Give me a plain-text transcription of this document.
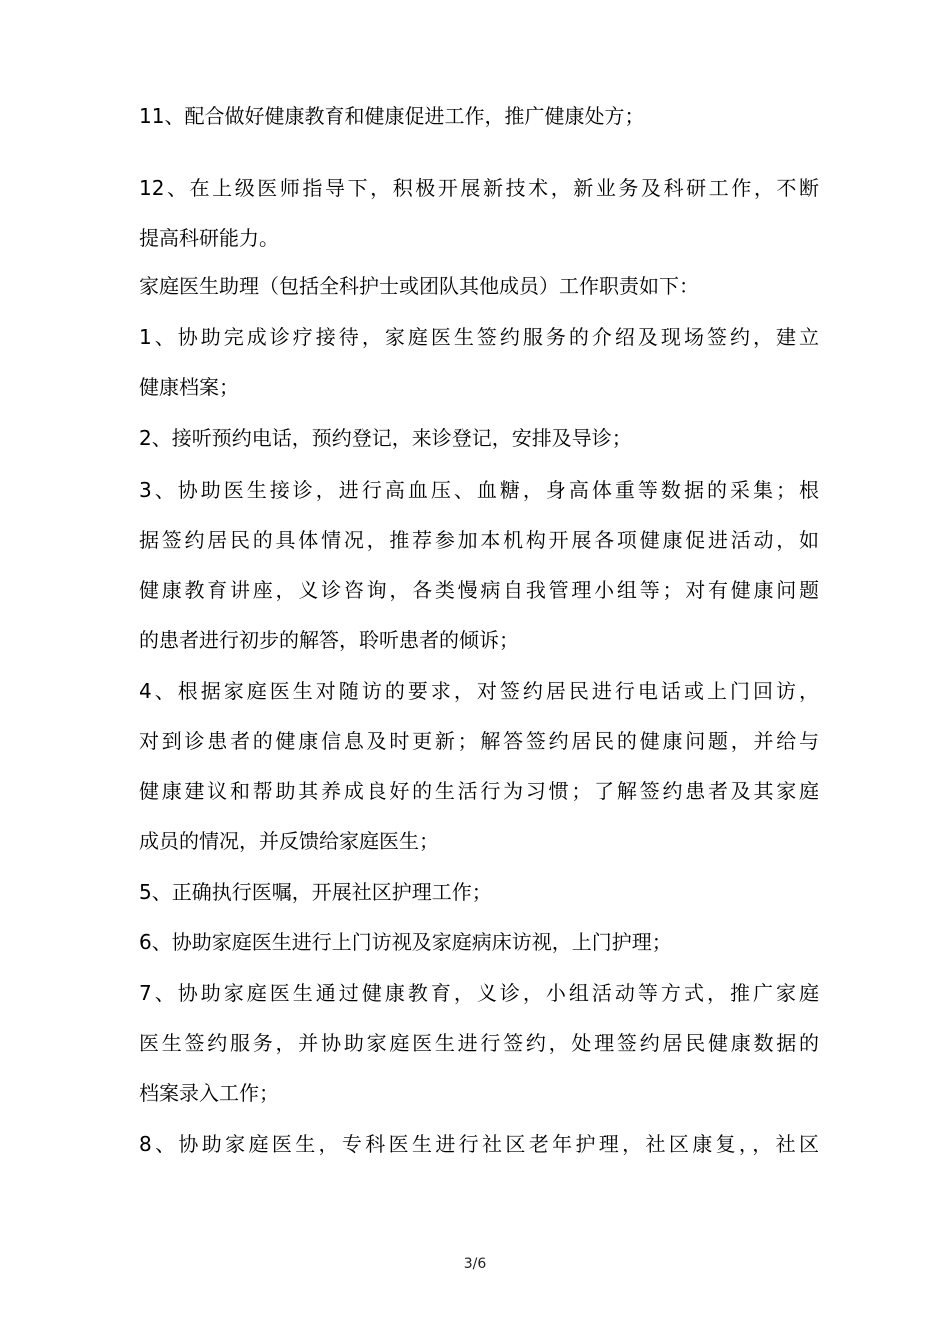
11、配合做好健康教育和健康促进工作，推广健康处方；

12、在上级医师指导下，积极开展新技术，新业务及科研工作，不断

提高科研能力。

家庭医生助理（包括全科护士或团队其他成员）工作职责如下：

1、协助完成诊疗接待，家庭医生签约服务的介绍及现场签约，建立

健康档案；

2、接听预约电话，预约登记，来诊登记，安排及导诊；

3、协助医生接诊，进行高血压、血糖，身高体重等数据的采集；根

据签约居民的具体情况，推荐参加本机构开展各项健康促进活动，如

健康教育讲座，义诊咨询，各类慢病自我管理小组等；对有健康问题

的患者进行初步的解答，聆听患者的倾诉；

4、根据家庭医生对随访的要求，对签约居民进行电话或上门回访，

对到诊患者的健康信息及时更新；解答签约居民的健康问题，并给与

健康建议和帮助其养成良好的生活行为习惯；了解签约患者及其家庭

成员的情况，并反馈给家庭医生；

5、正确执行医嘱，开展社区护理工作；

6、协助家庭医生进行上门访视及家庭病床访视，上门护理；

7、协助家庭医生通过健康教育，义诊，小组活动等方式，推广家庭

医生签约服务，并协助家庭医生进行签约，处理签约居民健康数据的

档案录入工作；

8、协助家庭医生，专科医生进行社区老年护理，社区康复，，社区

3/6
